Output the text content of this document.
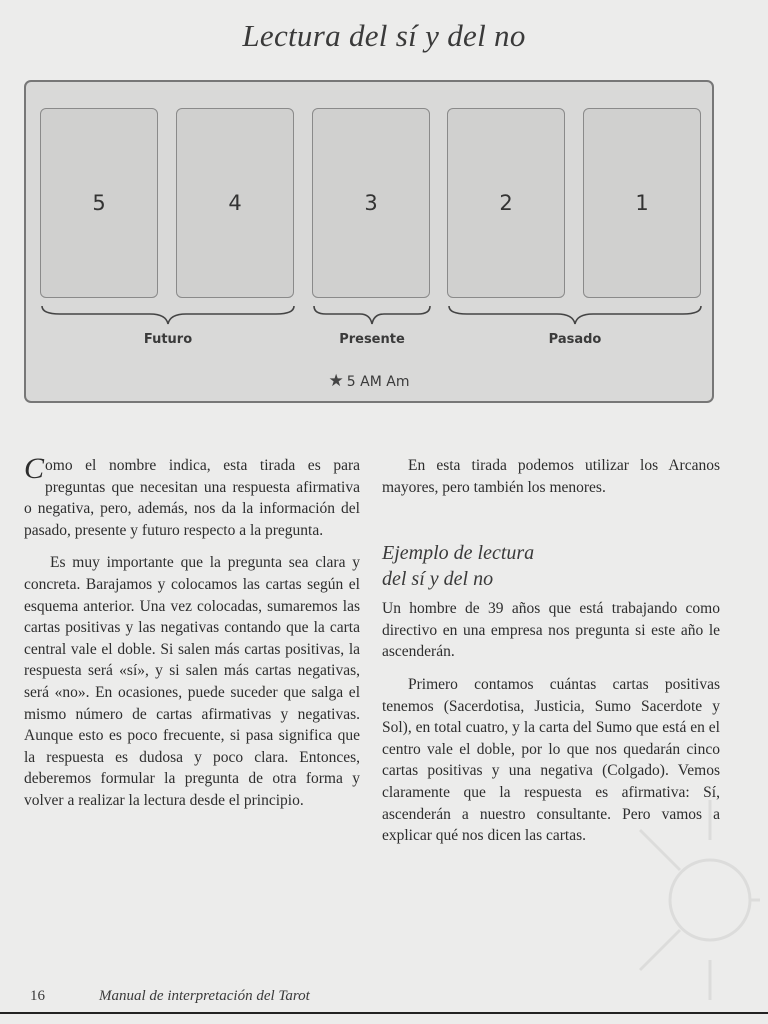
Lectura del sí y del no
5	4	3	2	1
Futuro	Presente	Pasado
★ 5 AM Am

Como el nombre indica, esta tirada es para preguntas que necesitan una respuesta afirmativa o negativa, pero, además, nos da la información del pasado, presente y futuro respecto a la pregunta.

Es muy importante que la pregunta sea clara y concreta. Barajamos y colocamos las cartas según el esquema anterior. Una vez colocadas, sumaremos las cartas positivas y las negativas contando que la carta central vale el doble. Si salen más cartas positivas, la respuesta será «sí», y si salen más cartas negativas, será «no». En ocasiones, puede suceder que salga el mismo número de cartas afirmativas y negativas. Aunque esto es poco frecuente, si pasa significa que la respuesta es dudosa y poco clara. Entonces, deberemos formular la pregunta de otra forma y volver a realizar la lectura desde el principio.

En esta tirada podemos utilizar los Arcanos mayores, pero también los menores.

Ejemplo de lectura
del sí y del no

Un hombre de 39 años que está trabajando como directivo en una empresa nos pregunta si este año le ascenderán.

Primero contamos cuántas cartas positivas tenemos (Sacerdotisa, Justicia, Sumo Sacerdote y Sol), en total cuatro, y la carta del Sumo que está en el centro vale el doble, por lo que nos quedarán cinco cartas positivas y una negativa (Colgado). Vemos claramente que la respuesta es afirmativa: Sí, ascenderán a nuestro consultante. Pero vamos a explicar qué nos dicen las cartas.

16	Manual de interpretación del Tarot
